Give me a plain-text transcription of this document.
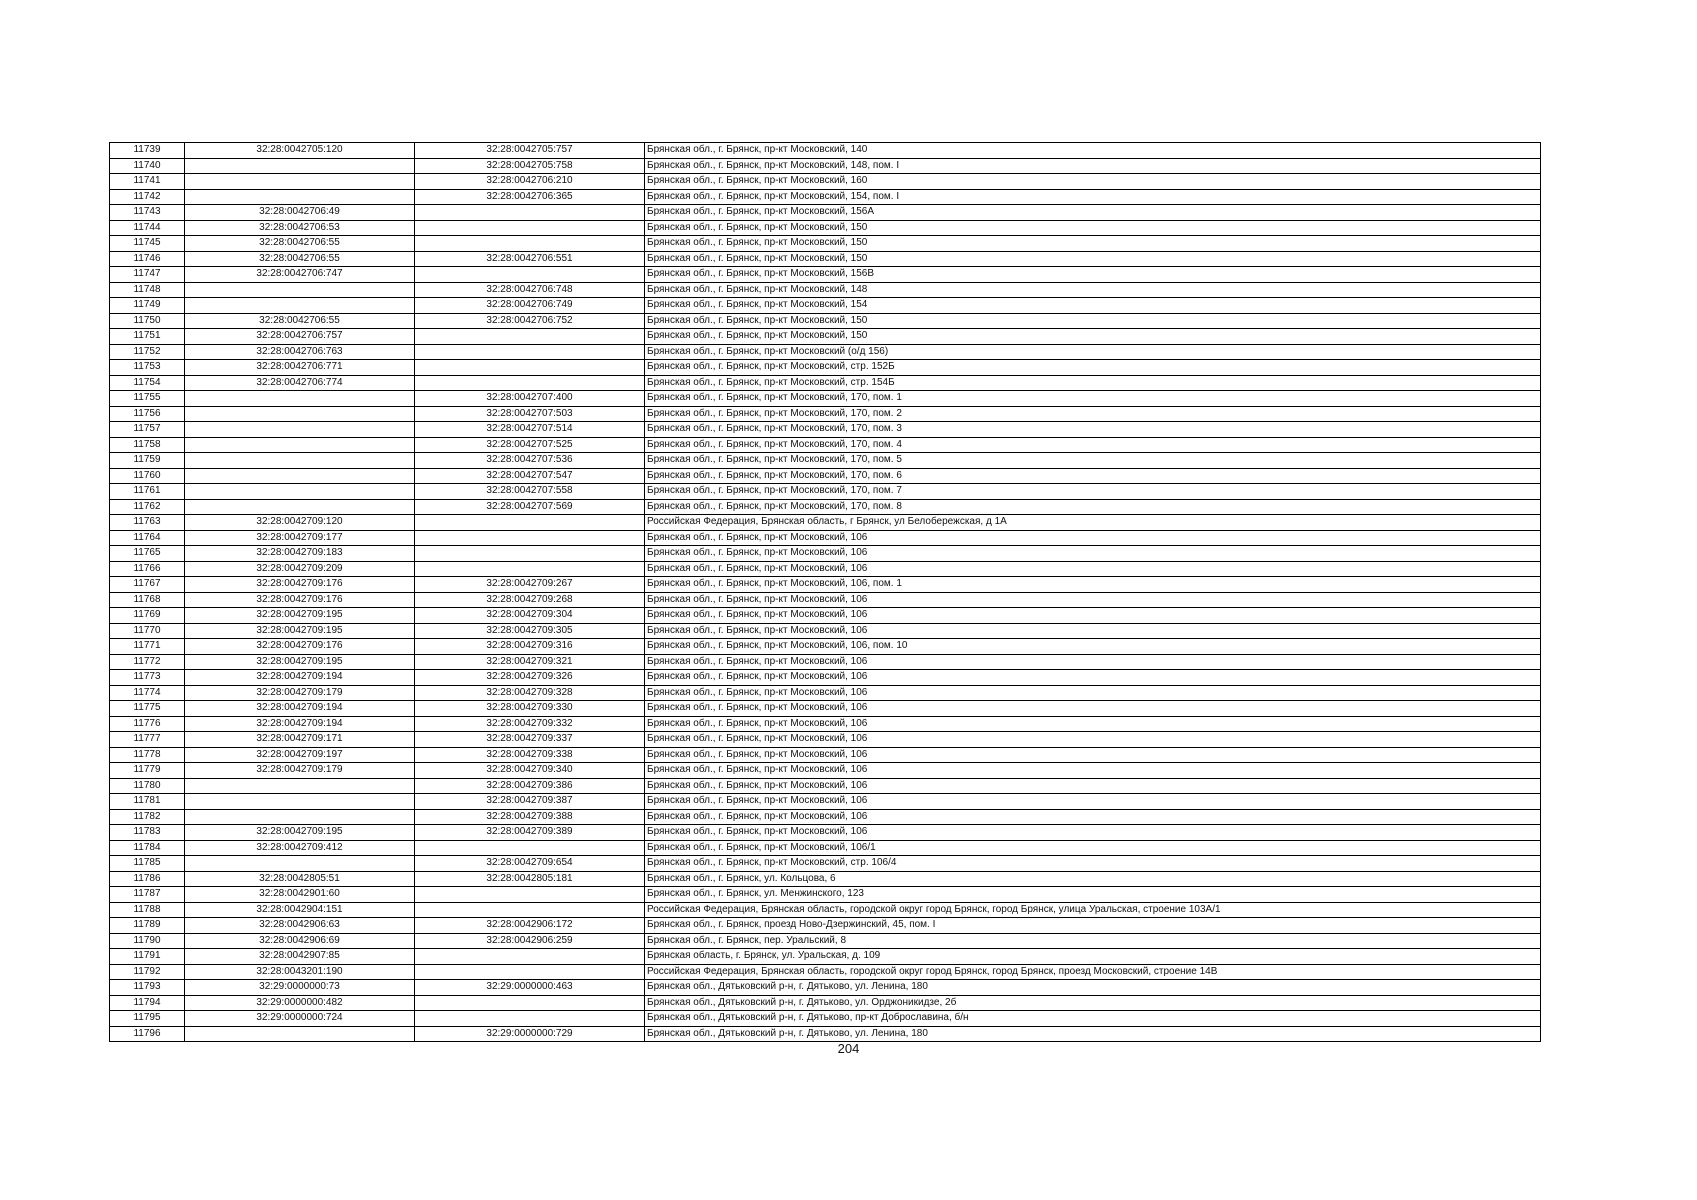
11739	32:28:0042705:120	32:28:0042705:757	Брянская обл., г. Брянск, пр-кт Московский, 140
11740		32:28:0042705:758	Брянская обл., г. Брянск, пр-кт Московский, 148, пом. I
11741		32:28:0042706:210	Брянская обл., г. Брянск, пр-кт Московский, 160
11742		32:28:0042706:365	Брянская обл., г. Брянск, пр-кт Московский, 154, пом. I
11743	32:28:0042706:49		Брянская обл., г. Брянск, пр-кт Московский, 156А
11744	32:28:0042706:53		Брянская обл., г. Брянск, пр-кт Московский, 150
11745	32:28:0042706:55		Брянская обл., г. Брянск, пр-кт Московский, 150
11746	32:28:0042706:55	32:28:0042706:551	Брянская обл., г. Брянск, пр-кт Московский, 150
11747	32:28:0042706:747		Брянская обл., г. Брянск, пр-кт Московский, 156В
11748		32:28:0042706:748	Брянская обл., г. Брянск, пр-кт Московский, 148
11749		32:28:0042706:749	Брянская обл., г. Брянск, пр-кт Московский, 154
11750	32:28:0042706:55	32:28:0042706:752	Брянская обл., г. Брянск, пр-кт Московский, 150
11751	32:28:0042706:757		Брянская обл., г. Брянск, пр-кт Московский, 150
11752	32:28:0042706:763		Брянская обл., г. Брянск, пр-кт Московский (о/д 156)
11753	32:28:0042706:771		Брянская обл., г. Брянск, пр-кт Московский, стр. 152Б
11754	32:28:0042706:774		Брянская обл., г. Брянск, пр-кт Московский, стр. 154Б
11755		32:28:0042707:400	Брянская обл., г. Брянск, пр-кт Московский, 170, пом. 1
11756		32:28:0042707:503	Брянская обл., г. Брянск, пр-кт Московский, 170, пом. 2
11757		32:28:0042707:514	Брянская обл., г. Брянск, пр-кт Московский, 170, пом. 3
11758		32:28:0042707:525	Брянская обл., г. Брянск, пр-кт Московский, 170, пом. 4
11759		32:28:0042707:536	Брянская обл., г. Брянск, пр-кт Московский, 170, пом. 5
11760		32:28:0042707:547	Брянская обл., г. Брянск, пр-кт Московский, 170, пом. 6
11761		32:28:0042707:558	Брянская обл., г. Брянск, пр-кт Московский, 170, пом. 7
11762		32:28:0042707:569	Брянская обл., г. Брянск, пр-кт Московский, 170, пом. 8
11763	32:28:0042709:120		Российская Федерация, Брянская область, г Брянск, ул Белобережская, д 1А
11764	32:28:0042709:177		Брянская обл., г. Брянск, пр-кт Московский, 106
11765	32:28:0042709:183		Брянская обл., г. Брянск, пр-кт Московский, 106
11766	32:28:0042709:209		Брянская обл., г. Брянск, пр-кт Московский, 106
11767	32:28:0042709:176	32:28:0042709:267	Брянская обл., г. Брянск, пр-кт Московский, 106, пом. 1
11768	32:28:0042709:176	32:28:0042709:268	Брянская обл., г. Брянск, пр-кт Московский, 106
11769	32:28:0042709:195	32:28:0042709:304	Брянская обл., г. Брянск, пр-кт Московский, 106
11770	32:28:0042709:195	32:28:0042709:305	Брянская обл., г. Брянск, пр-кт Московский, 106
11771	32:28:0042709:176	32:28:0042709:316	Брянская обл., г. Брянск, пр-кт Московский, 106, пом. 10
11772	32:28:0042709:195	32:28:0042709:321	Брянская обл., г. Брянск, пр-кт Московский, 106
11773	32:28:0042709:194	32:28:0042709:326	Брянская обл., г. Брянск, пр-кт Московский, 106
11774	32:28:0042709:179	32:28:0042709:328	Брянская обл., г. Брянск, пр-кт Московский, 106
11775	32:28:0042709:194	32:28:0042709:330	Брянская обл., г. Брянск, пр-кт Московский, 106
11776	32:28:0042709:194	32:28:0042709:332	Брянская обл., г. Брянск, пр-кт Московский, 106
11777	32:28:0042709:171	32:28:0042709:337	Брянская обл., г. Брянск, пр-кт Московский, 106
11778	32:28:0042709:197	32:28:0042709:338	Брянская обл., г. Брянск, пр-кт Московский, 106
11779	32:28:0042709:179	32:28:0042709:340	Брянская обл., г. Брянск, пр-кт Московский, 106
11780		32:28:0042709:386	Брянская обл., г. Брянск, пр-кт Московский, 106
11781		32:28:0042709:387	Брянская обл., г. Брянск, пр-кт Московский, 106
11782		32:28:0042709:388	Брянская обл., г. Брянск, пр-кт Московский, 106
11783	32:28:0042709:195	32:28:0042709:389	Брянская обл., г. Брянск, пр-кт Московский, 106
11784	32:28:0042709:412		Брянская обл., г. Брянск, пр-кт Московский, 106/1
11785		32:28:0042709:654	Брянская обл., г. Брянск, пр-кт Московский, стр. 106/4
11786	32:28:0042805:51	32:28:0042805:181	Брянская обл., г. Брянск, ул. Кольцова, 6
11787	32:28:0042901:60		Брянская обл., г. Брянск, ул. Менжинского, 123
11788	32:28:0042904:151		Российская Федерация, Брянская область, городской округ город Брянск, город Брянск, улица Уральская, строение 103А/1
11789	32:28:0042906:63	32:28:0042906:172	Брянская обл., г. Брянск, проезд Ново-Дзержинский, 45, пом. I
11790	32:28:0042906:69	32:28:0042906:259	Брянская обл., г. Брянск, пер. Уральский, 8
11791	32:28:0042907:85		Брянская область, г. Брянск, ул. Уральская, д. 109
11792	32:28:0043201:190		Российская Федерация, Брянская область, городской округ город Брянск, город Брянск, проезд Московский, строение 14В
11793	32:29:0000000:73	32:29:0000000:463	Брянская обл., Дятьковский р-н, г. Дятьково, ул. Ленина, 180
11794	32:29:0000000:482		Брянская обл., Дятьковский р-н, г. Дятьково, ул. Орджоникидзе, 2б
11795	32:29:0000000:724		Брянская обл., Дятьковский р-н, г. Дятьково, пр-кт Доброславина, б/н
11796		32:29:0000000:729	Брянская обл., Дятьковский р-н, г. Дятьково, ул. Ленина, 180
204
